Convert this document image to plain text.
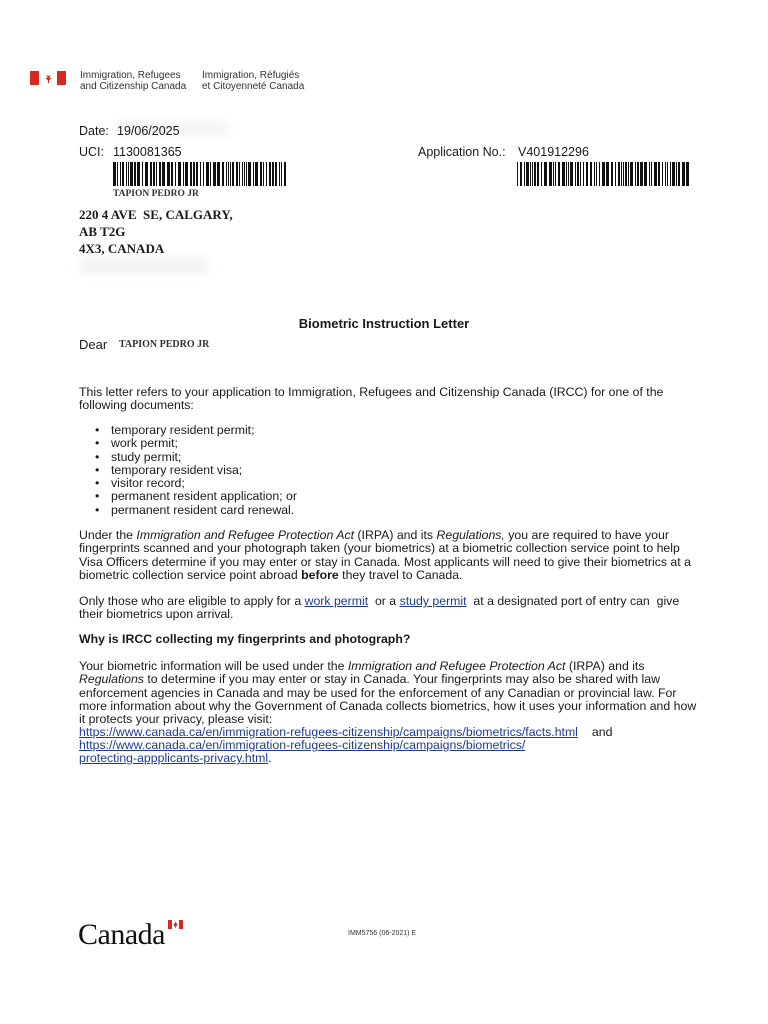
Immigration, Refugees
and Citizenship Canada
Immigration, Réfugiés
et Citoyenneté Canada
Date: 19/06/2025
UCI: 1130081365	Application No.: V401912296
TAPION PEDRO JR
220 4 AVE  SE, CALGARY,
AB T2G
4X3, CANADA
Biometric Instruction Letter
Dear TAPION PEDRO JR
This letter refers to your application to Immigration, Refugees and Citizenship Canada (IRCC) for one of the following documents:
• temporary resident permit;
• work permit;
• study permit;
• temporary resident visa;
• visitor record;
• permanent resident application; or
• permanent resident card renewal.
Under the Immigration and Refugee Protection Act (IRPA) and its Regulations, you are required to have your fingerprints scanned and your photograph taken (your biometrics) at a biometric collection service point to help Visa Officers determine if you may enter or stay in Canada. Most applicants will need to give their biometrics at a biometric collection service point abroad before they travel to Canada.
Only those who are eligible to apply for a work permit  or a study permit  at a designated port of entry can  give their biometrics upon arrival.
Why is IRCC collecting my fingerprints and photograph?
Your biometric information will be used under the Immigration and Refugee Protection Act (IRPA) and its Regulations to determine if you may enter or stay in Canada. Your fingerprints may also be shared with law enforcement agencies in Canada and may be used for the enforcement of any Canadian or provincial law. For more information about why the Government of Canada collects biometrics, how it uses your information and how it protects your privacy, please visit:
https://www.canada.ca/en/immigration-refugees-citizenship/campaigns/biometrics/facts.html and
https://www.canada.ca/en/immigration-refugees-citizenship/campaigns/biometrics/
protecting-appplicants-privacy.html.
Canada	IMM5756 (06-2021) E
